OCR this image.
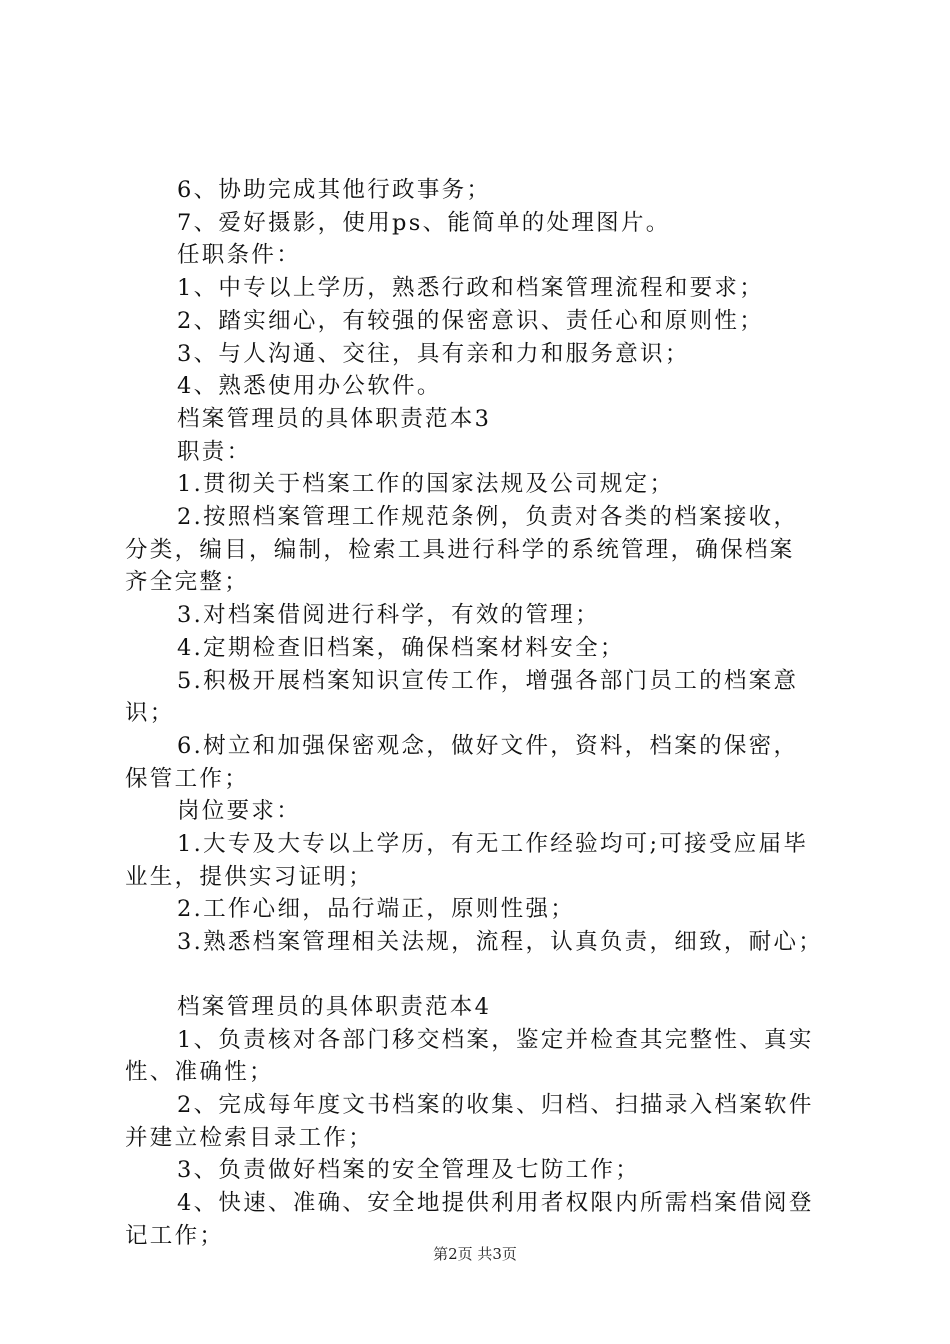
6、协助完成其他行政事务；
7、爱好摄影，使用ps、能简单的处理图片。
任职条件：
1、中专以上学历，熟悉行政和档案管理流程和要求；
2、踏实细心，有较强的保密意识、责任心和原则性；
3、与人沟通、交往，具有亲和力和服务意识；
4、熟悉使用办公软件。
档案管理员的具体职责范本3
职责：
1.贯彻关于档案工作的国家法规及公司规定；
2.按照档案管理工作规范条例，负责对各类的档案接收，
分类，编目，编制，检索工具进行科学的系统管理，确保档案
齐全完整；
3.对档案借阅进行科学，有效的管理；
4.定期检查旧档案，确保档案材料安全；
5.积极开展档案知识宣传工作，增强各部门员工的档案意
识；
6.树立和加强保密观念，做好文件，资料，档案的保密，
保管工作；
岗位要求：
1.大专及大专以上学历，有无工作经验均可;可接受应届毕
业生，提供实习证明；
2.工作心细，品行端正，原则性强；
3.熟悉档案管理相关法规，流程，认真负责，细致，耐心；
档案管理员的具体职责范本4
1、负责核对各部门移交档案，鉴定并检查其完整性、真实
性、准确性；
2、完成每年度文书档案的收集、归档、扫描录入档案软件
并建立检索目录工作；
3、负责做好档案的安全管理及七防工作；
4、快速、准确、安全地提供利用者权限内所需档案借阅登
记工作；
第2页 共3页
